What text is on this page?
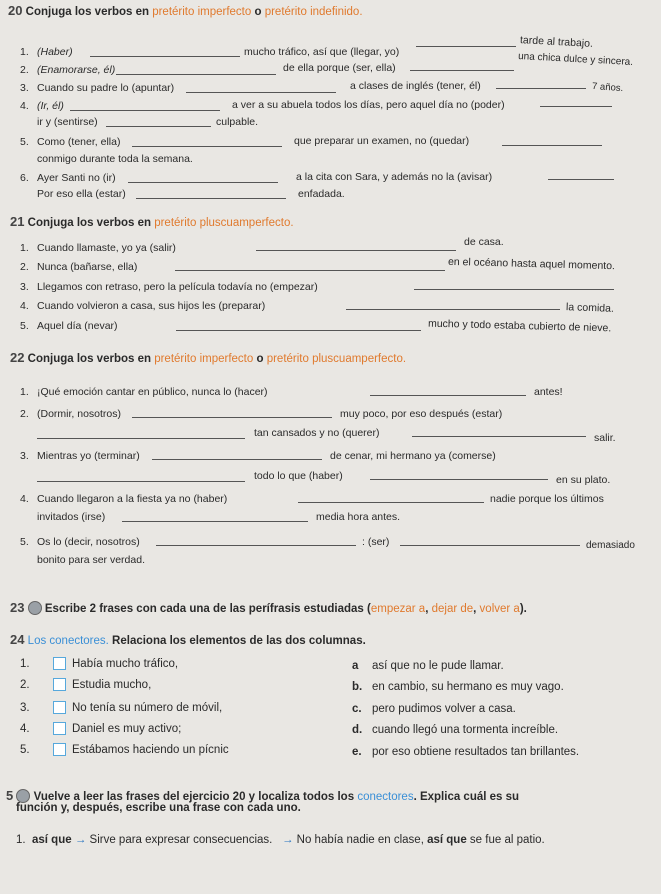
20 Conjuga los verbos en pretérito imperfecto o pretérito indefinido.
1. (Haber)	mucho tráfico, así que (llegar, yo)
tarde al trabajo.
2. (Enamorarse, él)	de ella porque (ser, ella)	una chica dulce y sincera.
3. Cuando su padre lo (apuntar)	a clases de inglés (tener, él)	7 años.
4. (Ir, él)	a ver a su abuela todos los días, pero aquel día no (poder)
ir y (sentirse)	culpable.
5. Como (tener, ella)	que preparar un examen, no (quedar)
conmigo durante toda la semana.
6. Ayer Santi no (ir)	a la cita con Sara, y además no la (avisar)
Por eso ella (estar)	enfadada.
21 Conjuga los verbos en pretérito pluscuamperfecto.
1. Cuando llamaste, yo ya (salir)	de casa.
2. Nunca (bañarse, ella)	en el océano hasta aquel momento.
3. Llegamos con retraso, pero la película todavía no (empezar)
4. Cuando volvieron a casa, sus hijos les (preparar)	la comida.
5. Aquel día (nevar)	mucho y todo estaba cubierto de nieve.
22 Conjuga los verbos en pretérito imperfecto o pretérito pluscuamperfecto.
1. ¡Qué emoción cantar en público, nunca lo (hacer)	antes!
2. (Dormir, nosotros)	muy poco, por eso después (estar)
tan cansados y no (querer)	salir.
3. Mientras yo (terminar)	de cenar, mi hermano ya (comerse)
todo lo que (haber)	en su plato.
4. Cuando llegaron a la fiesta ya no (haber)	nadie porque los últimos
invitados (irse)	media hora antes.
5. Os lo (decir, nosotros)	: (ser)	demasiado
bonito para ser verdad.
23 Escribe 2 frases con cada una de las perífrasis estudiadas (empezar a, dejar de, volver a).
24 Los conectores. Relaciona los elementos de las dos columnas.
1.	Había mucho tráfico,
2.	Estudia mucho,
3.	No tenía su número de móvil,
4.	Daniel es muy activo;
5.	Estábamos haciendo un pícnic
a así que no le pude llamar.
b. en cambio, su hermano es muy vago.
c. pero pudimos volver a casa.
d. cuando llegó una tormenta increíble.
e. por eso obtiene resultados tan brillantes.
5 Vuelve a leer las frases del ejercicio 20 y localiza todos los conectores. Explica cuál es su
función y, después, escribe una frase con cada uno.
1. así que → Sirve para expresar consecuencias. → No había nadie en clase, así que se fue al patio.
